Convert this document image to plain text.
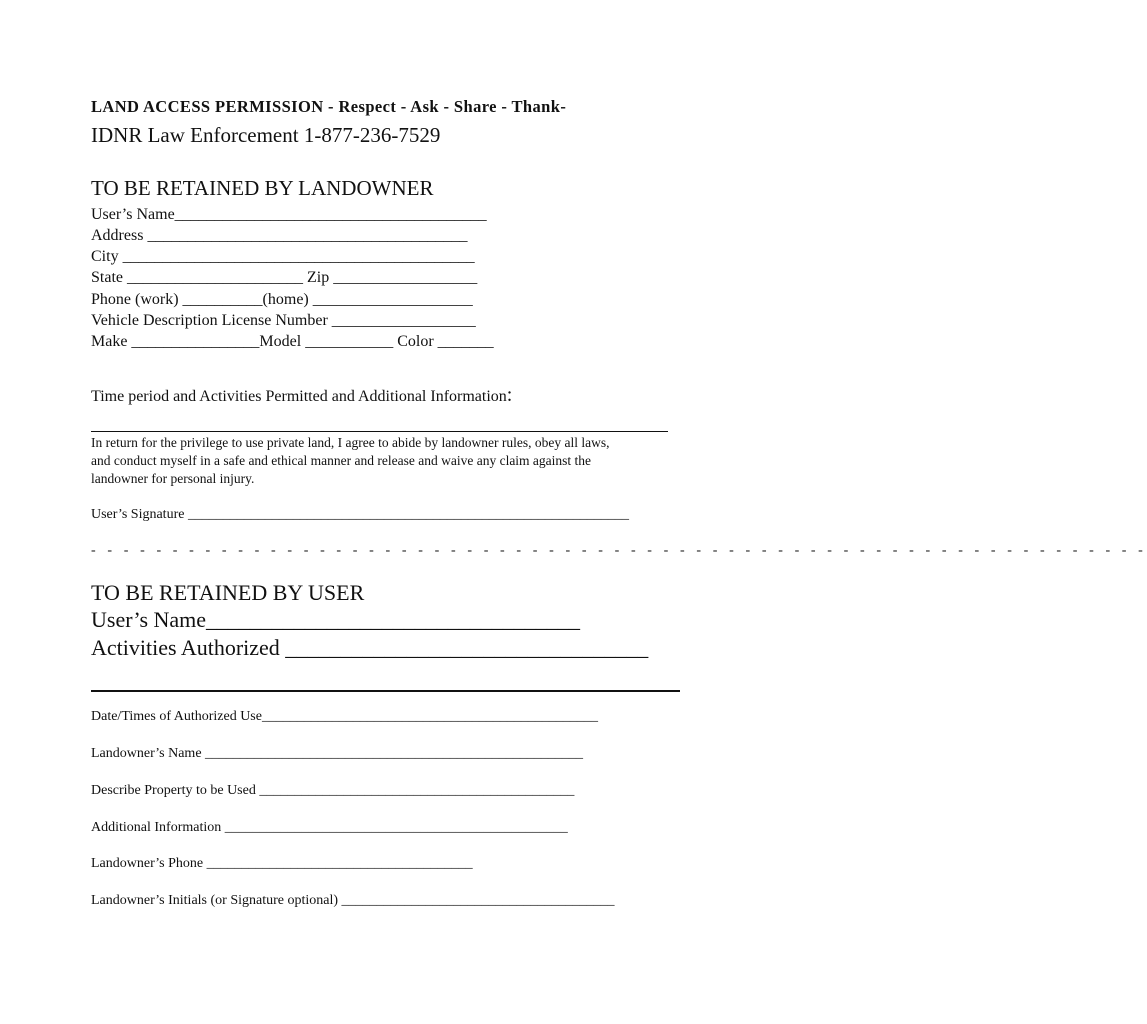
LAND ACCESS PERMISSION - Respect - Ask - Share - Thank-
IDNR Law Enforcement 1-877-236-7529
TO BE RETAINED BY LANDOWNER
User’s Name_______________________________________
Address ________________________________________
City ____________________________________________
State ______________________ Zip __________________
Phone (work) __________(home) ____________________
Vehicle Description License Number __________________
Make ________________Model ___________ Color _______
Time period and Activities Permitted and Additional Information:
In return for the privilege to use private land, I agree to abide by landowner rules, obey all laws,
and conduct myself in a safe and ethical manner and release and waive any claim against the
landowner for personal injury.
User’s Signature _______________________________________________________________
- - - - - - - - - - - - - - - - - - - - - - - - - - - - - - - - - - - - - - - - - - - - - - - - - - - - - - - - - - - - - - - - -
TO BE RETAINED BY USER
User’s Name__________________________________
Activities Authorized _________________________________
Date/Times of Authorized Use________________________________________________
Landowner’s Name ______________________________________________________
Describe Property to be Used _____________________________________________
Additional Information _________________________________________________
Landowner’s Phone ______________________________________
Landowner’s Initials (or Signature optional) _______________________________________
